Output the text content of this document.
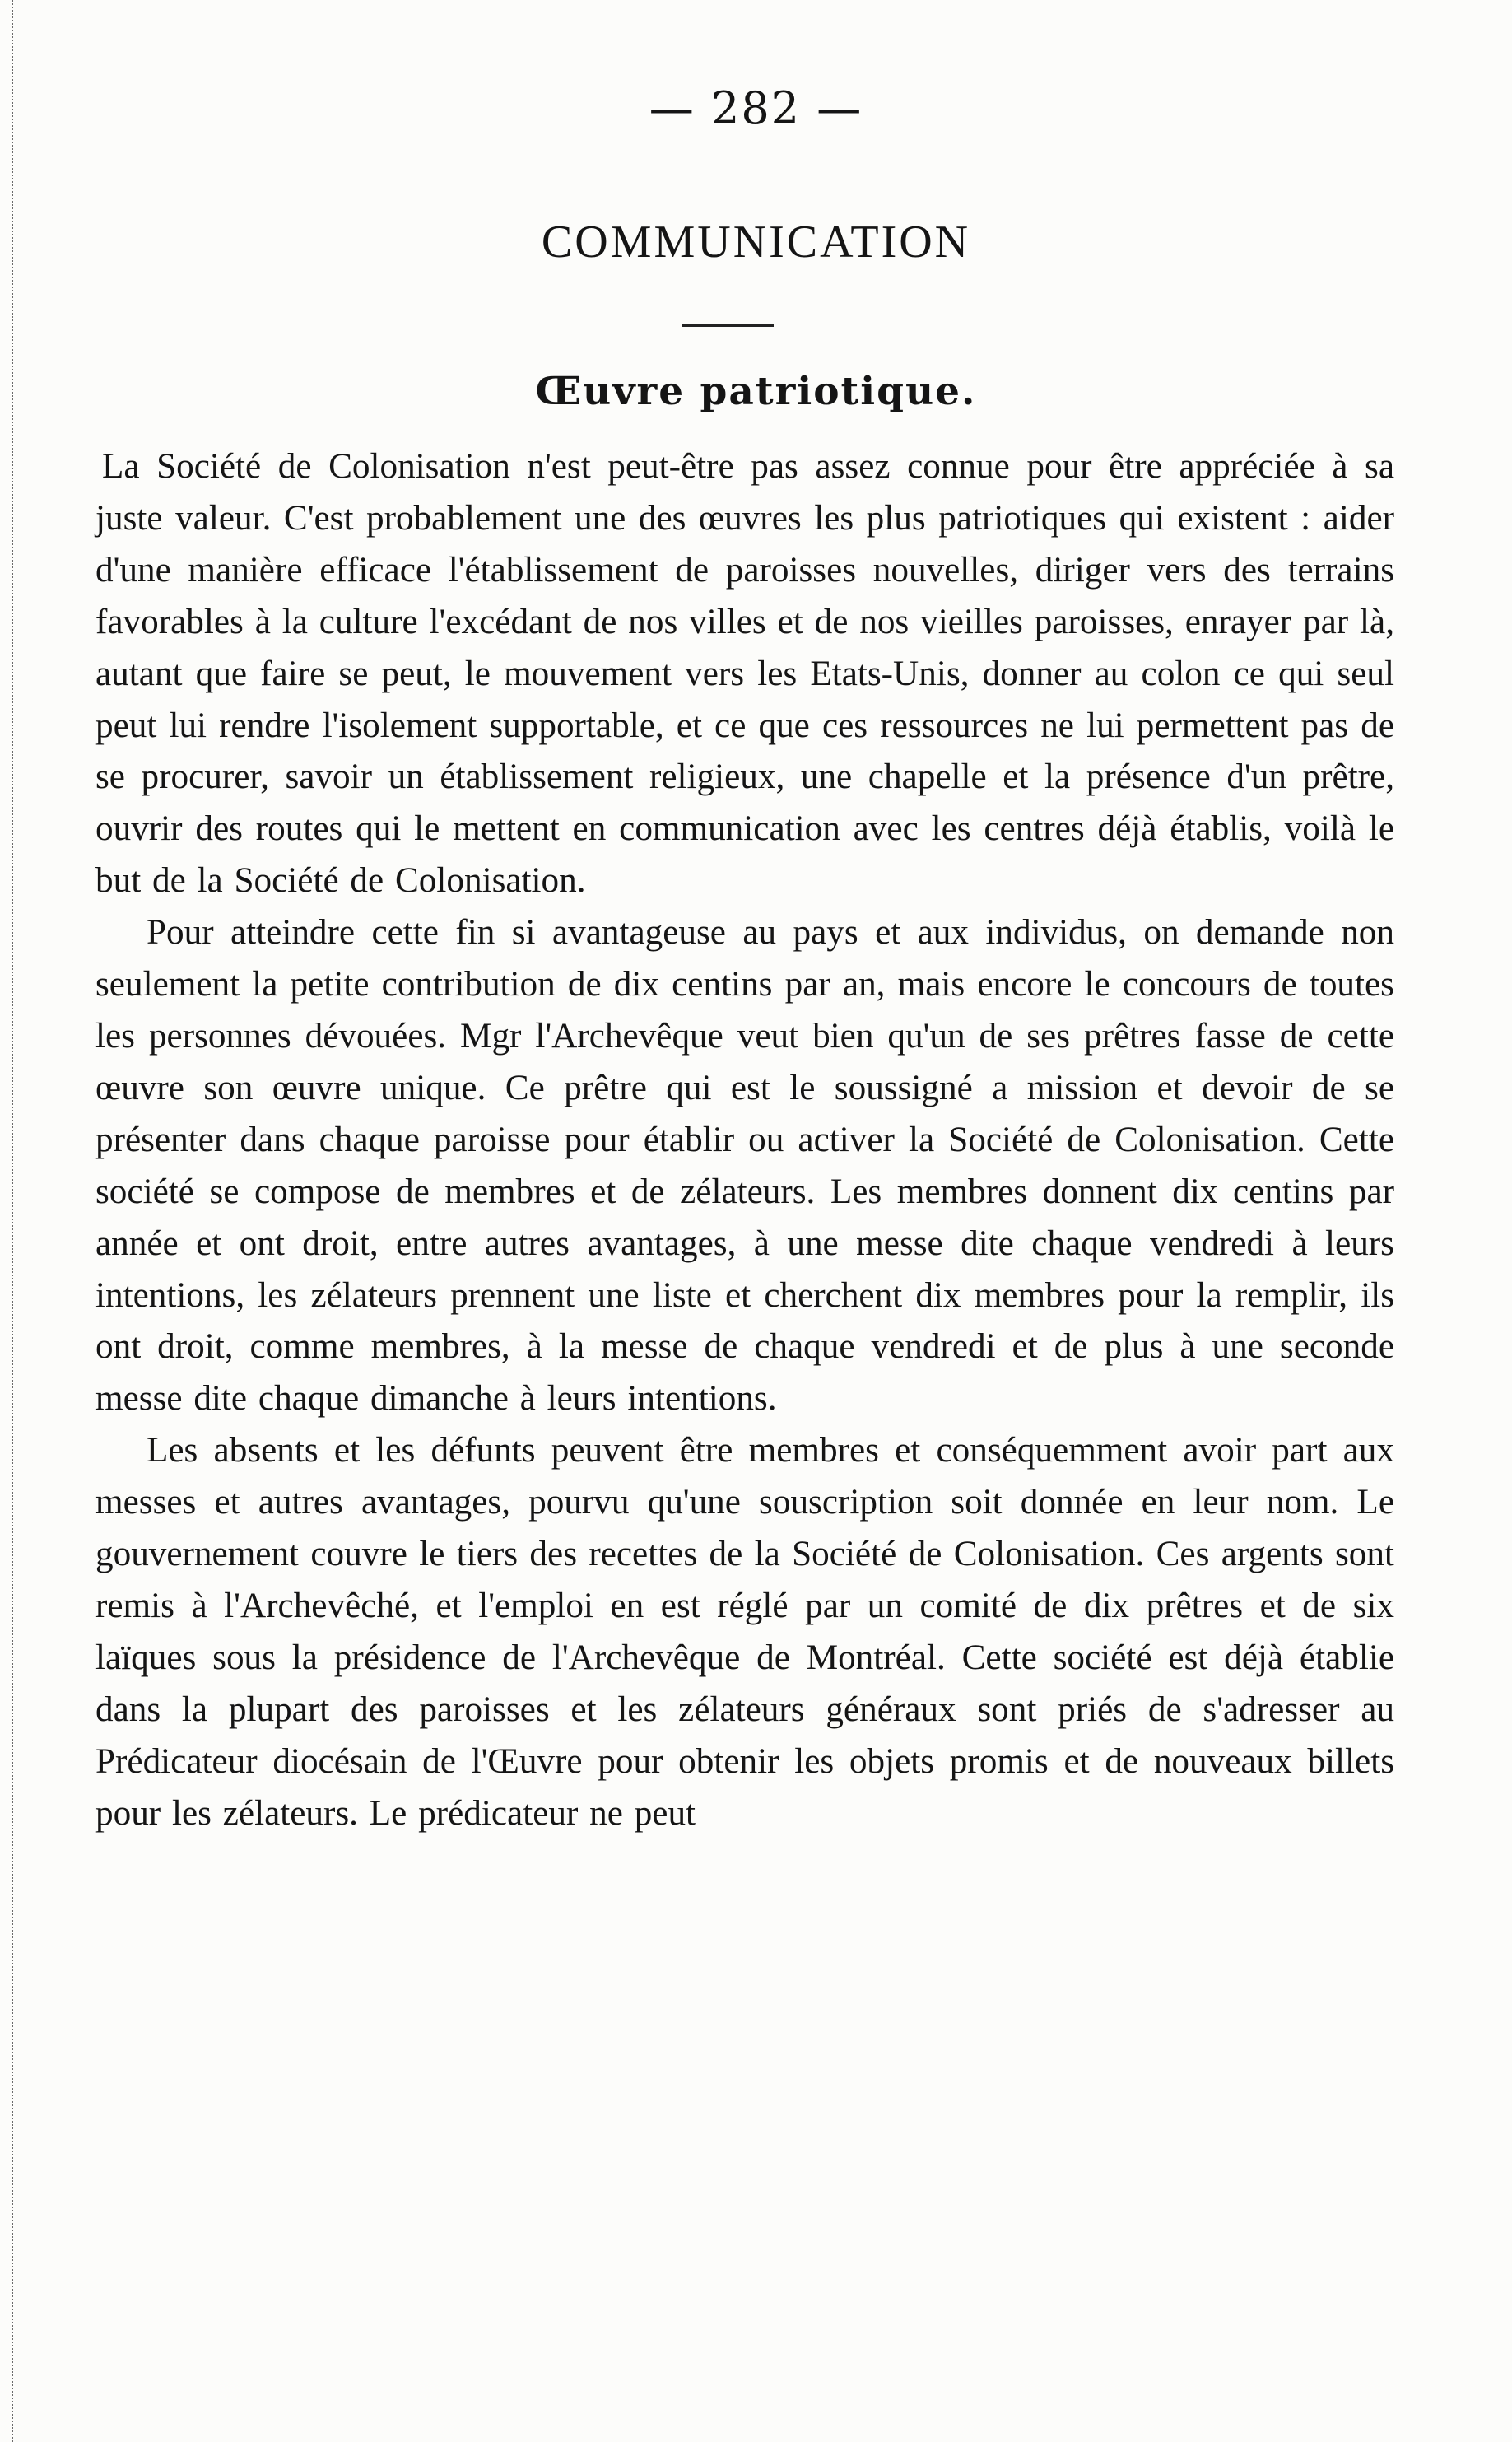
— 282 —
COMMUNICATION
Œuvre patriotique.

La Société de Colonisation n'est peut-être pas assez connue pour être appréciée à sa juste valeur. C'est probablement une des œuvres les plus patriotiques qui existent : aider d'une manière efficace l'établissement de paroisses nouvelles, diriger vers des terrains favorables à la culture l'excédant de nos villes et de nos vieilles paroisses, enrayer par là, autant que faire se peut, le mouvement vers les Etats-Unis, donner au colon ce qui seul peut lui rendre l'isolement supportable, et ce que ces ressources ne lui permettent pas de se procurer, savoir un établissement religieux, une chapelle et la présence d'un prêtre, ouvrir des routes qui le mettent en communication avec les centres déjà établis, voilà le but de la Société de Colonisation.

Pour atteindre cette fin si avantageuse au pays et aux individus, on demande non seulement la petite contribution de dix centins par an, mais encore le concours de toutes les personnes dévouées. Mgr l'Archevêque veut bien qu'un de ses prêtres fasse de cette œuvre son œuvre unique. Ce prêtre qui est le soussigné a mission et devoir de se présenter dans chaque paroisse pour établir ou activer la Société de Colonisation. Cette société se compose de membres et de zélateurs. Les membres donnent dix centins par année et ont droit, entre autres avantages, à une messe dite chaque vendredi à leurs intentions, les zélateurs prennent une liste et cherchent dix membres pour la remplir, ils ont droit, comme membres, à la messe de chaque vendredi et de plus à une seconde messe dite chaque dimanche à leurs intentions.

Les absents et les défunts peuvent être membres et conséquemment avoir part aux messes et autres avantages, pourvu qu'une souscription soit donnée en leur nom. Le gouvernement couvre le tiers des recettes de la Société de Colonisation. Ces argents sont remis à l'Archevêché, et l'emploi en est réglé par un comité de dix prêtres et de six laïques sous la présidence de l'Archevêque de Montréal. Cette société est déjà établie dans la plupart des paroisses et les zélateurs généraux sont priés de s'adresser au Prédicateur diocésain de l'Œuvre pour obtenir les objets promis et de nouveaux billets pour les zélateurs. Le prédicateur ne peut
